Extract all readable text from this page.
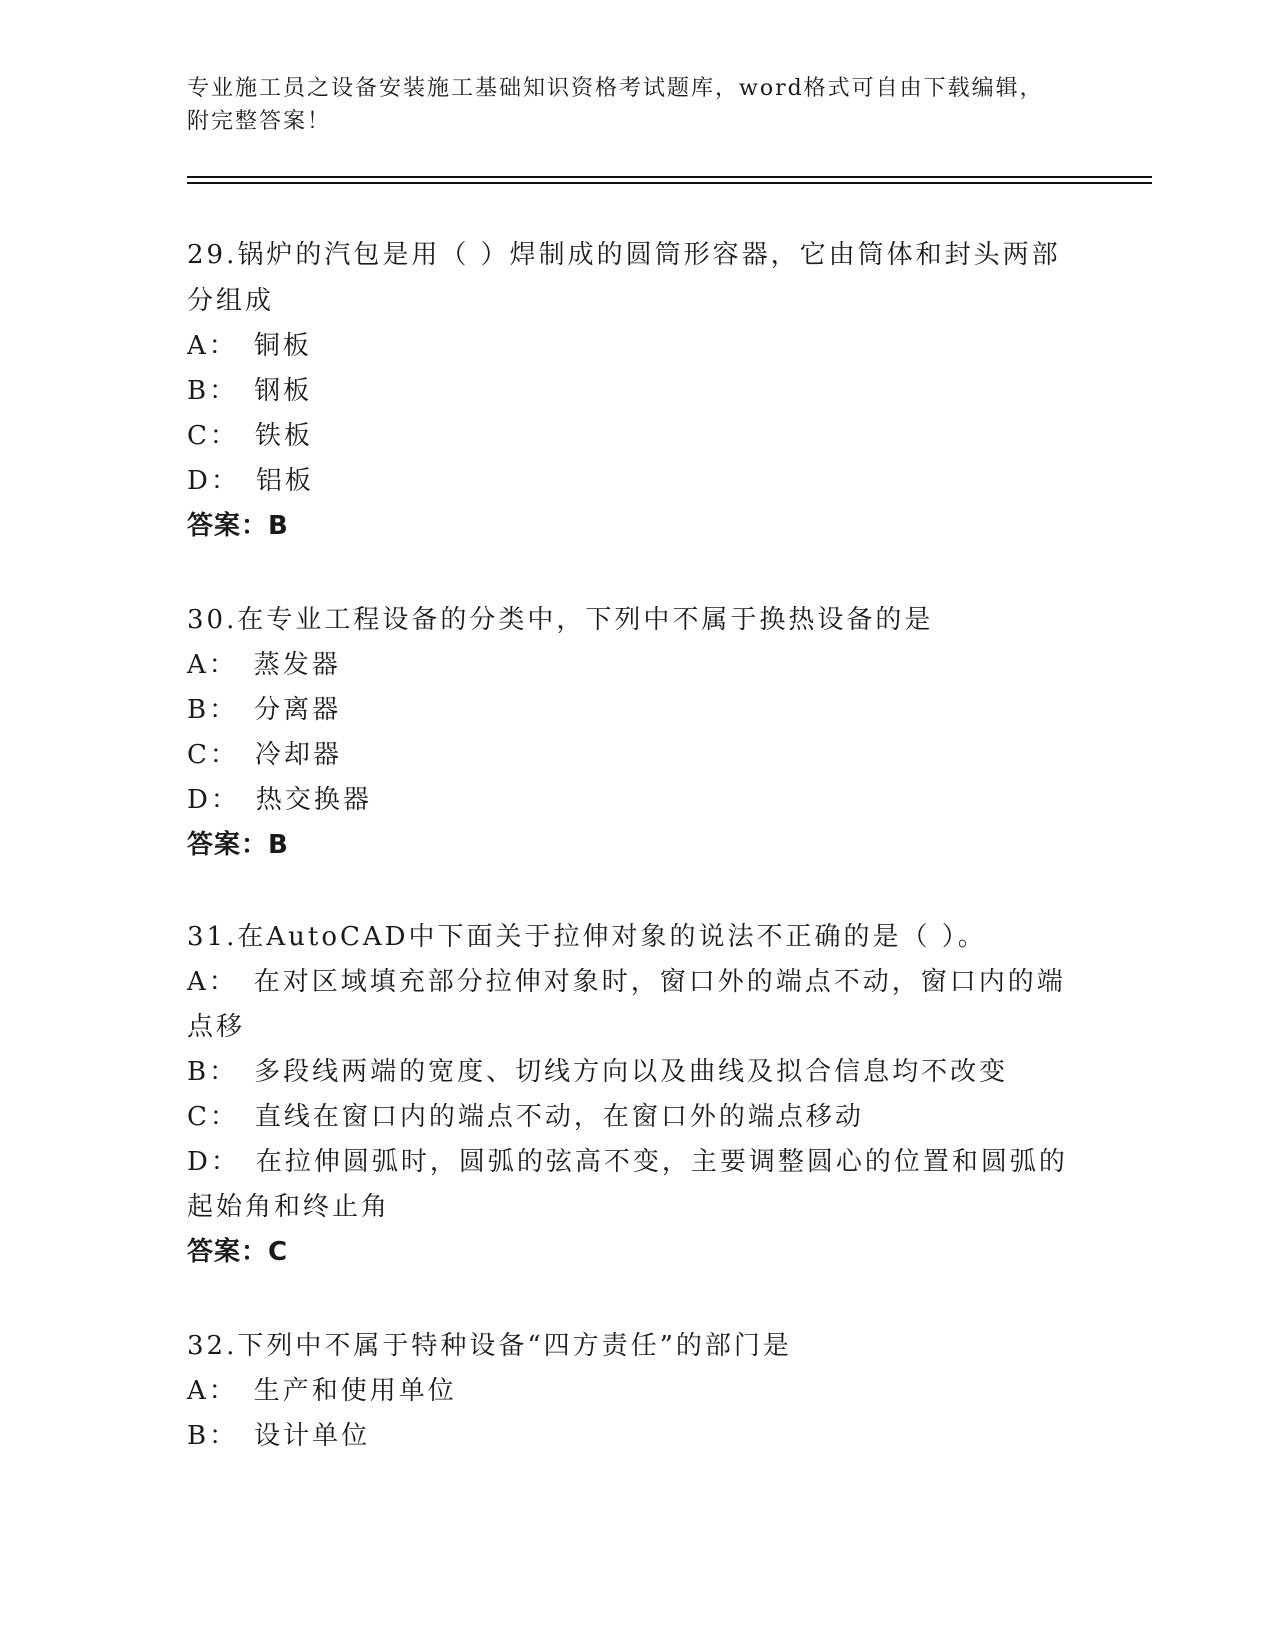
专业施工员之设备安装施工基础知识资格考试题库，word格式可自由下载编辑，
附完整答案！

29.锅炉的汽包是用（ ）焊制成的圆筒形容器，它由筒体和封头两部分组成

A： 铜板

B： 钢板

C： 铁板

D： 铝板

答案：B

30.在专业工程设备的分类中，下列中不属于换热设备的是

A： 蒸发器

B： 分离器

C： 冷却器

D： 热交换器

答案：B

31.在AutoCAD中下面关于拉伸对象的说法不正确的是（ ）。

A： 在对区域填充部分拉伸对象时，窗口外的端点不动，窗口内的端点移

B： 多段线两端的宽度、切线方向以及曲线及拟合信息均不改变

C： 直线在窗口内的端点不动，在窗口外的端点移动

D： 在拉伸圆弧时，圆弧的弦高不变，主要调整圆心的位置和圆弧的起始角和终止角

答案：C

32.下列中不属于特种设备“四方责任”的部门是

A： 生产和使用单位

B： 设计单位
